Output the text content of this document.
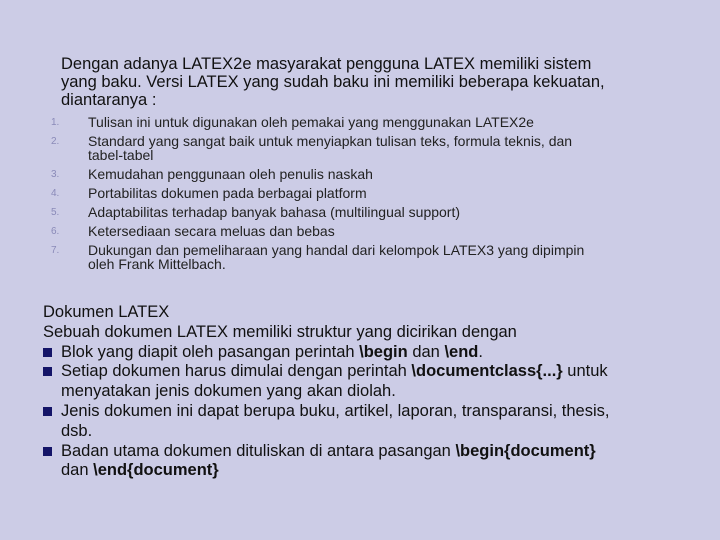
Dengan adanya LATEX2e masyarakat pengguna LATEX memiliki sistem
yang baku. Versi LATEX yang sudah baku ini memiliki beberapa kekuatan,
diantaranya :

1. Tulisan ini untuk digunakan oleh pemakai yang menggunakan LATEX2e
2. Standard yang sangat baik untuk menyiapkan tulisan teks, formula teknis, dan
tabel-tabel
3. Kemudahan penggunaan oleh penulis naskah
4. Portabilitas dokumen pada berbagai platform
5. Adaptabilitas terhadap banyak bahasa (multilingual support)
6. Ketersediaan secara meluas dan bebas
7. Dukungan dan pemeliharaan yang handal dari kelompok LATEX3 yang dipimpin
oleh Frank Mittelbach.
Dokumen LATEX
Sebuah dokumen LATEX memiliki struktur yang dicirikan dengan
Blok yang diapit oleh pasangan perintah \begin dan \end.
Setiap dokumen harus dimulai dengan perintah \documentclass{...} untuk
menyatakan jenis dokumen yang akan diolah.
Jenis dokumen ini dapat berupa buku, artikel, laporan, transparansi, thesis,
dsb.
Badan utama dokumen dituliskan di antara pasangan \begin{document}
dan \end{document}
